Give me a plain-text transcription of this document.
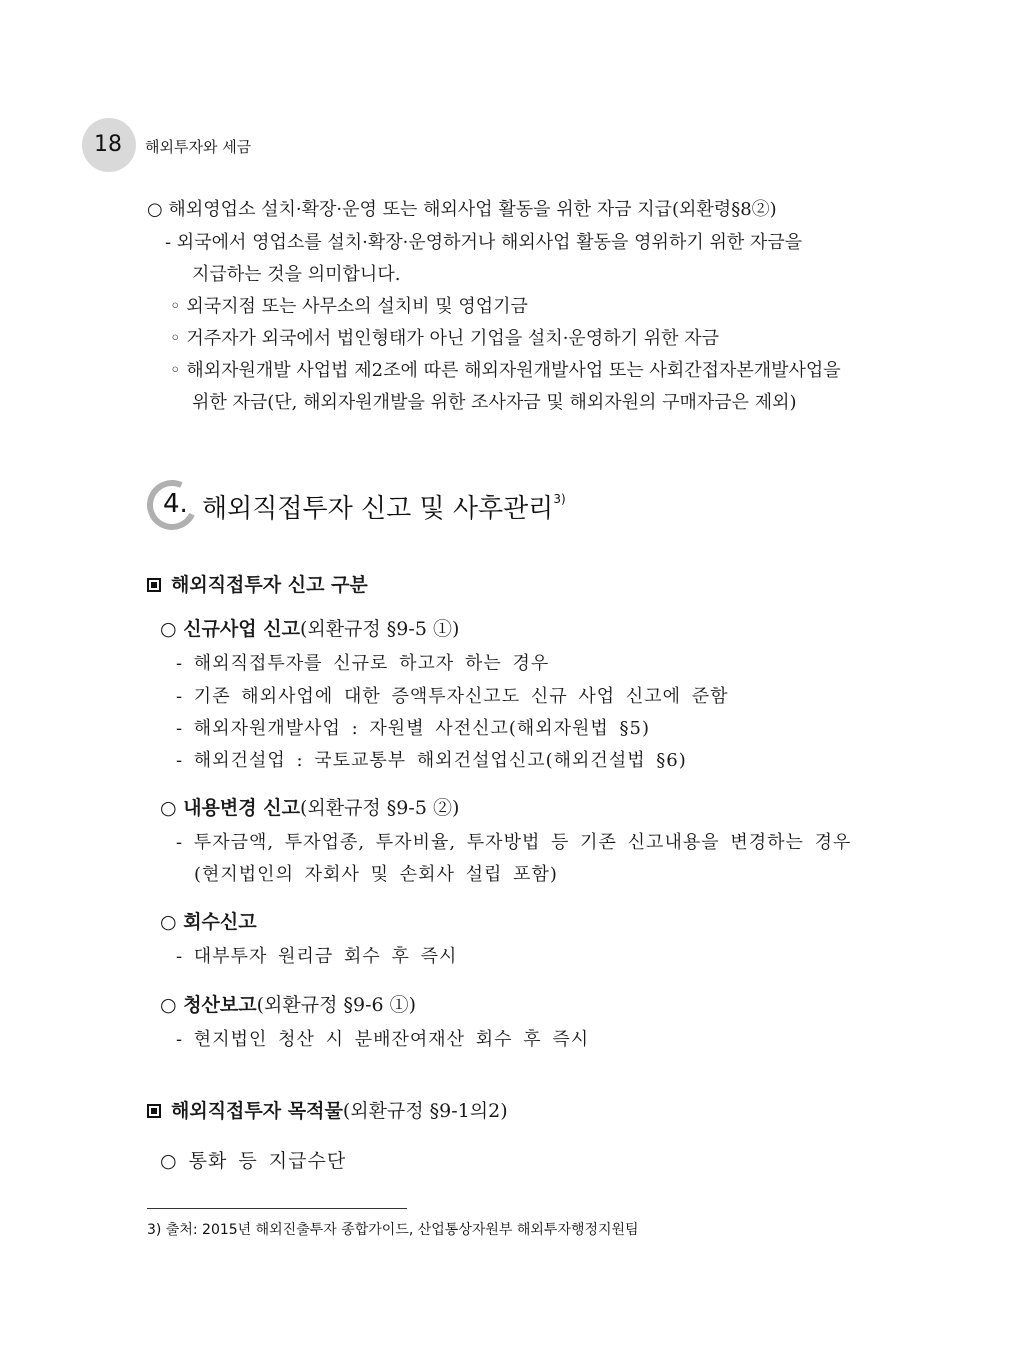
18 해외투자와 세금
○ 해외영업소 설치·확장·운영 또는 해외사업 활동을 위한 자금 지급(외환령§8②)
- 외국에서 영업소를 설치·확장·운영하거나 해외사업 활동을 영위하기 위한 자금을
지급하는 것을 의미합니다.
◦ 외국지점 또는 사무소의 설치비 및 영업기금
◦ 거주자가 외국에서 법인형태가 아닌 기업을 설치·운영하기 위한 자금
◦ 해외자원개발 사업법 제2조에 따른 해외자원개발사업 또는 사회간접자본개발사업을
위한 자금(단, 해외자원개발을 위한 조사자금 및 해외자원의 구매자금은 제외)
4. 해외직접투자 신고 및 사후관리$^{3)}$
해외직접투자 신고 구분
○ 신규사업 신고(외환규정 §9-5 ①)
- 해외직접투자를 신규로 하고자 하는 경우
- 기존 해외사업에 대한 증액투자신고도 신규 사업 신고에 준함
- 해외자원개발사업 : 자원별 사전신고(해외자원법 §5)
- 해외건설업 : 국토교통부 해외건설업신고(해외건설법 §6)
○ 내용변경 신고(외환규정 §9-5 ②)
- 투자금액, 투자업종, 투자비율, 투자방법 등 기존 신고내용을 변경하는 경우
(현지법인의 자회사 및 손회사 설립 포함)
○ 회수신고
- 대부투자 원리금 회수 후 즉시
○ 청산보고(외환규정 §9-6 ①)
- 현지법인 청산 시 분배잔여재산 회수 후 즉시
해외직접투자 목적물(외환규정 §9-1의2)
○ 통화 등 지급수단
3) 출처: 2015년 해외진출투자 종합가이드, 산업통상자원부 해외투자행정지원팀
